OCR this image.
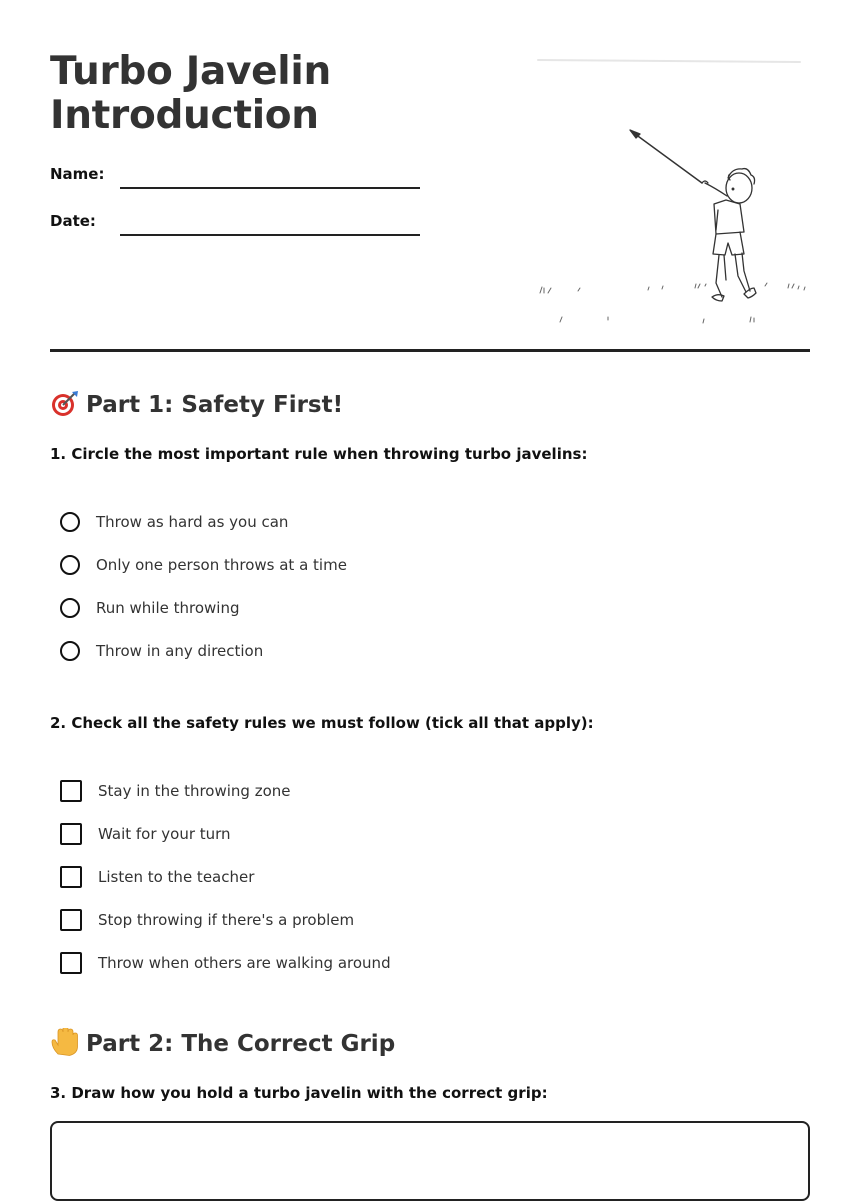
Turbo Javelin
Introduction
Name:
Date:
Part 1: Safety First!

1. Circle the most important rule when throwing turbo javelins:

Throw as hard as you can
Only one person throws at a time
Run while throwing
Throw in any direction

2. Check all the safety rules we must follow (tick all that apply):

Stay in the throwing zone
Wait for your turn
Listen to the teacher
Stop throwing if there's a problem
Throw when others are walking around
Part 2: The Correct Grip

3. Draw how you hold a turbo javelin with the correct grip:
